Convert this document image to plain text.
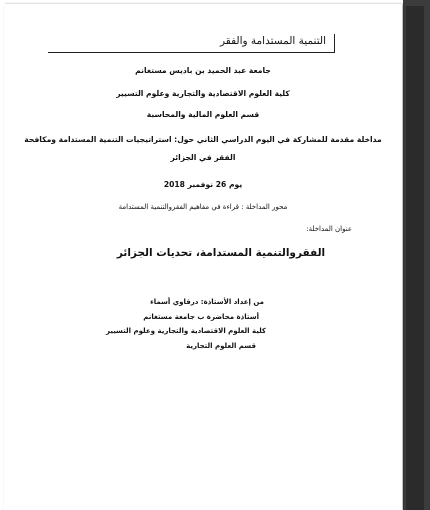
التنمية المستدامة والفقر
جامعة عبد الحميد بن باديس مستغانم
كلية العلوم الاقتصادية والتجارية وعلوم التسيير
قسم العلوم المالية والمحاسبة
مداخلة مقدمة للمشاركة في اليوم الدراسي الثاني حول: استراتيجيات التنمية المستدامة ومكافحة
الفقر في الجزائر
يوم 26 نوفمبر 2018
محور المداخلة : قراءة في مفاهيم الفقروالتنمية المستدامة
عنوان المداخلة:
الفقروالتنمية المستدامة، تحديات الجزائر
من إعداد الأستاذة: درقاوي أسماء
أستاذة محاضرة ب جامعة مستغانم
كلية العلوم الاقتصادية والتجارية وعلوم التسيير
قسم العلوم التجارية
